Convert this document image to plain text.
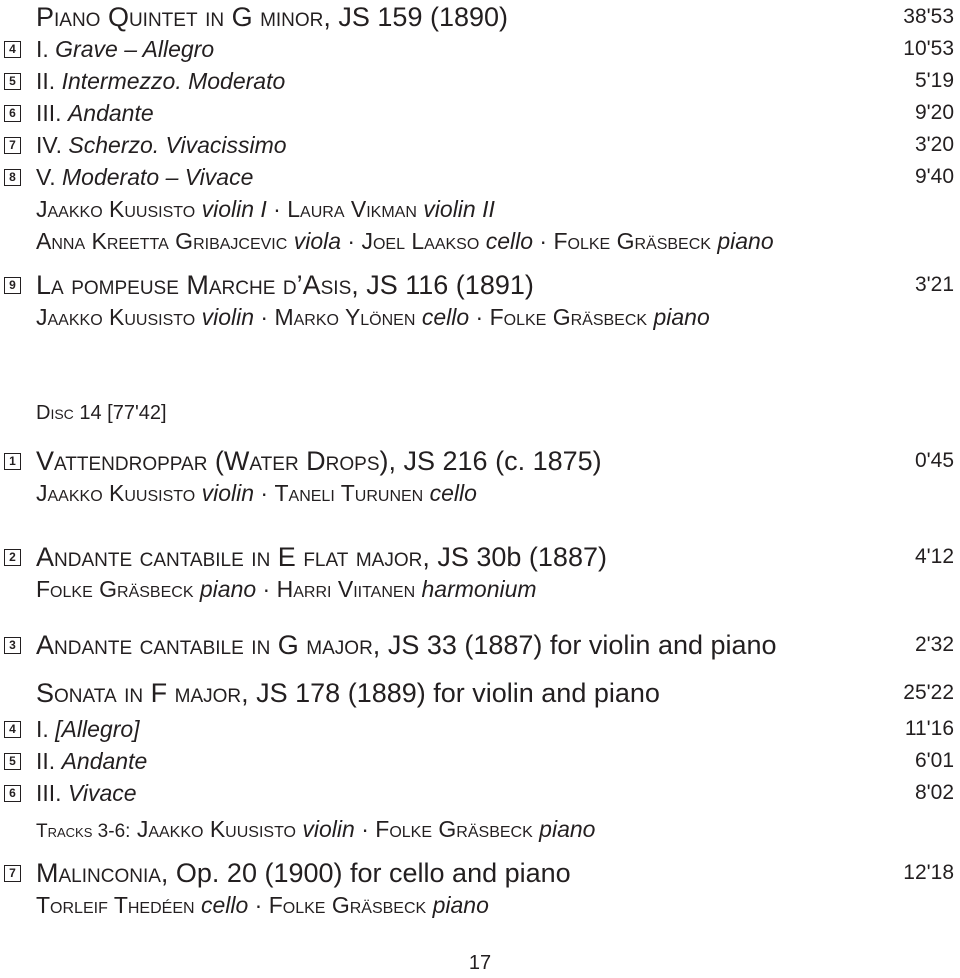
Piano Quintet in G minor, JS 159 (1890)	38'53
4 I. Grave – Allegro	10'53
5 II. Intermezzo. Moderato	5'19
6 III. Andante	9'20
7 IV. Scherzo. Vivacissimo	3'20
8 V. Moderato – Vivace	9'40
Jaakko Kuusisto violin I · Laura Vikman violin II
Anna Kreetta Gribajcevic viola · Joel Laakso cello · Folke Gräsbeck piano
9 La pompeuse Marche d’Asis, JS 116 (1891)	3'21
Jaakko Kuusisto violin · Marko Ylönen cello · Folke Gräsbeck piano
Disc 14 [77'42]
1 Vattendroppar (Water Drops), JS 216 (c. 1875)	0'45
Jaakko Kuusisto violin · Taneli Turunen cello
2 Andante cantabile in E flat major, JS 30b (1887)	4'12
Folke Gräsbeck piano · Harri Viitanen harmonium
3 Andante cantabile in G major, JS 33 (1887) for violin and piano	2'32
Sonata in F major, JS 178 (1889) for violin and piano	25'22
4 I. [Allegro]	11'16
5 II. Andante	6'01
6 III. Vivace	8'02
Tracks 3-6: Jaakko Kuusisto violin · Folke Gräsbeck piano
7 Malinconia, Op. 20 (1900) for cello and piano	12'18
Torleif Thedéen cello · Folke Gräsbeck piano
17
